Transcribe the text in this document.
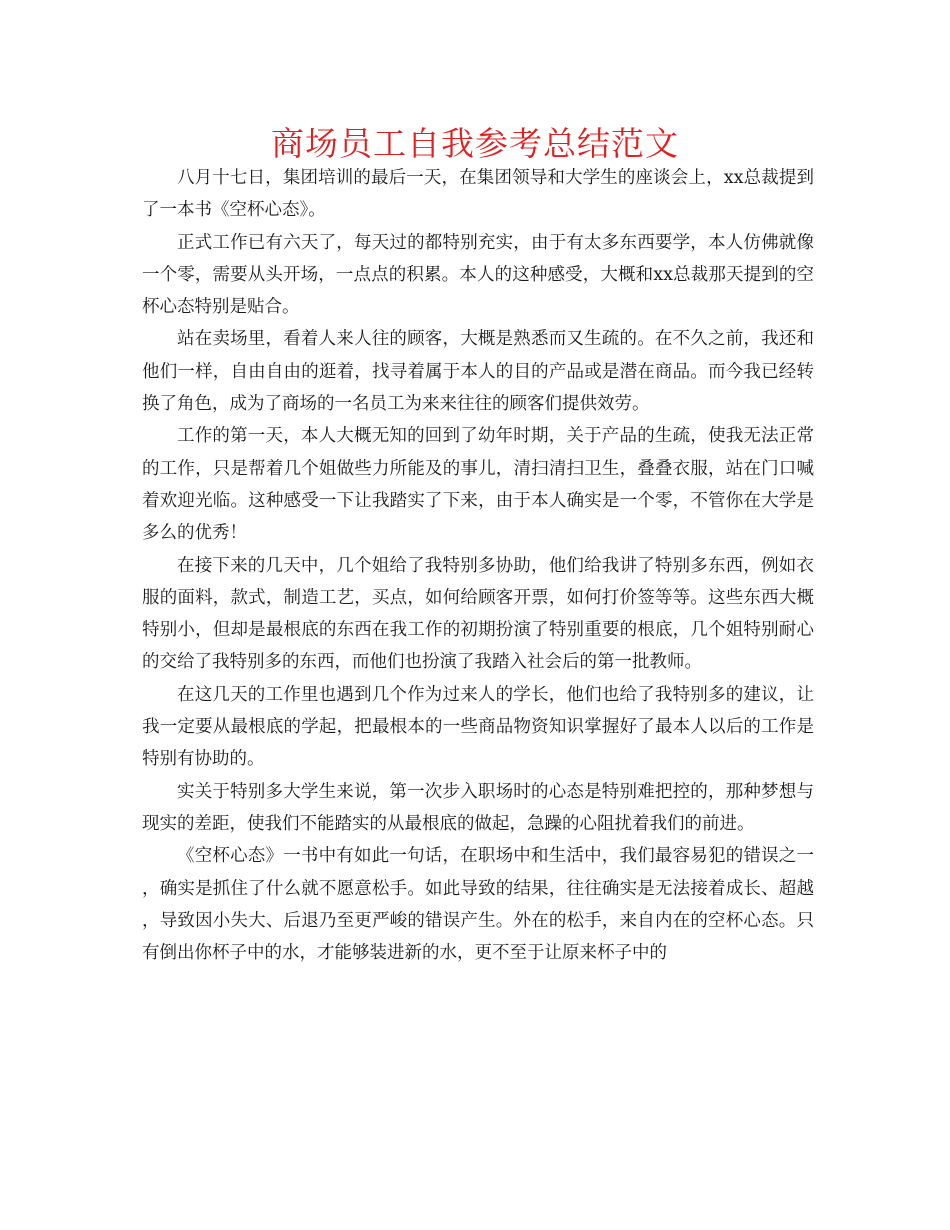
商场员工自我参考总结范文

八月十七日，集团培训的最后一天，在集团领导和大学生的座谈会上，xx总裁提到了一本书《空杯心态》。

正式工作已有六天了，每天过的都特别充实，由于有太多东西要学，本人仿佛就像一个零，需要从头开场，一点点的积累。本人的这种感受，大概和xx总裁那天提到的空杯心态特别是贴合。

站在卖场里，看着人来人往的顾客，大概是熟悉而又生疏的。在不久之前，我还和他们一样，自由自由的逛着，找寻着属于本人的目的产品或是潜在商品。而今我已经转换了角色，成为了商场的一名员工为来来往往的顾客们提供效劳。

工作的第一天，本人大概无知的回到了幼年时期，关于产品的生疏，使我无法正常的工作，只是帮着几个姐做些力所能及的事儿，清扫清扫卫生，叠叠衣服，站在门口喊着欢迎光临。这种感受一下让我踏实了下来，由于本人确实是一个零，不管你在大学是多么的优秀！

在接下来的几天中，几个姐给了我特别多协助，他们给我讲了特别多东西，例如衣服的面料，款式，制造工艺，买点，如何给顾客开票，如何打价签等等。这些东西大概特别小，但却是最根底的东西在我工作的初期扮演了特别重要的根底，几个姐特别耐心的交给了我特别多的东西，而他们也扮演了我踏入社会后的第一批教师。

在这几天的工作里也遇到几个作为过来人的学长，他们也给了我特别多的建议，让我一定要从最根底的学起，把最根本的一些商品物资知识掌握好了最本人以后的工作是特别有协助的。

实关于特别多大学生来说，第一次步入职场时的心态是特别难把控的，那种梦想与现实的差距，使我们不能踏实的从最根底的做起，急躁的心阻扰着我们的前进。

《空杯心态》一书中有如此一句话，在职场中和生活中，我们最容易犯的错误之一，确实是抓住了什么就不愿意松手。如此导致的结果，往往确实是无法接着成长、超越，导致因小失大、后退乃至更严峻的错误产生。外在的松手，来自内在的空杯心态。只有倒出你杯子中的水，才能够装进新的水，更不至于让原来杯子中的
